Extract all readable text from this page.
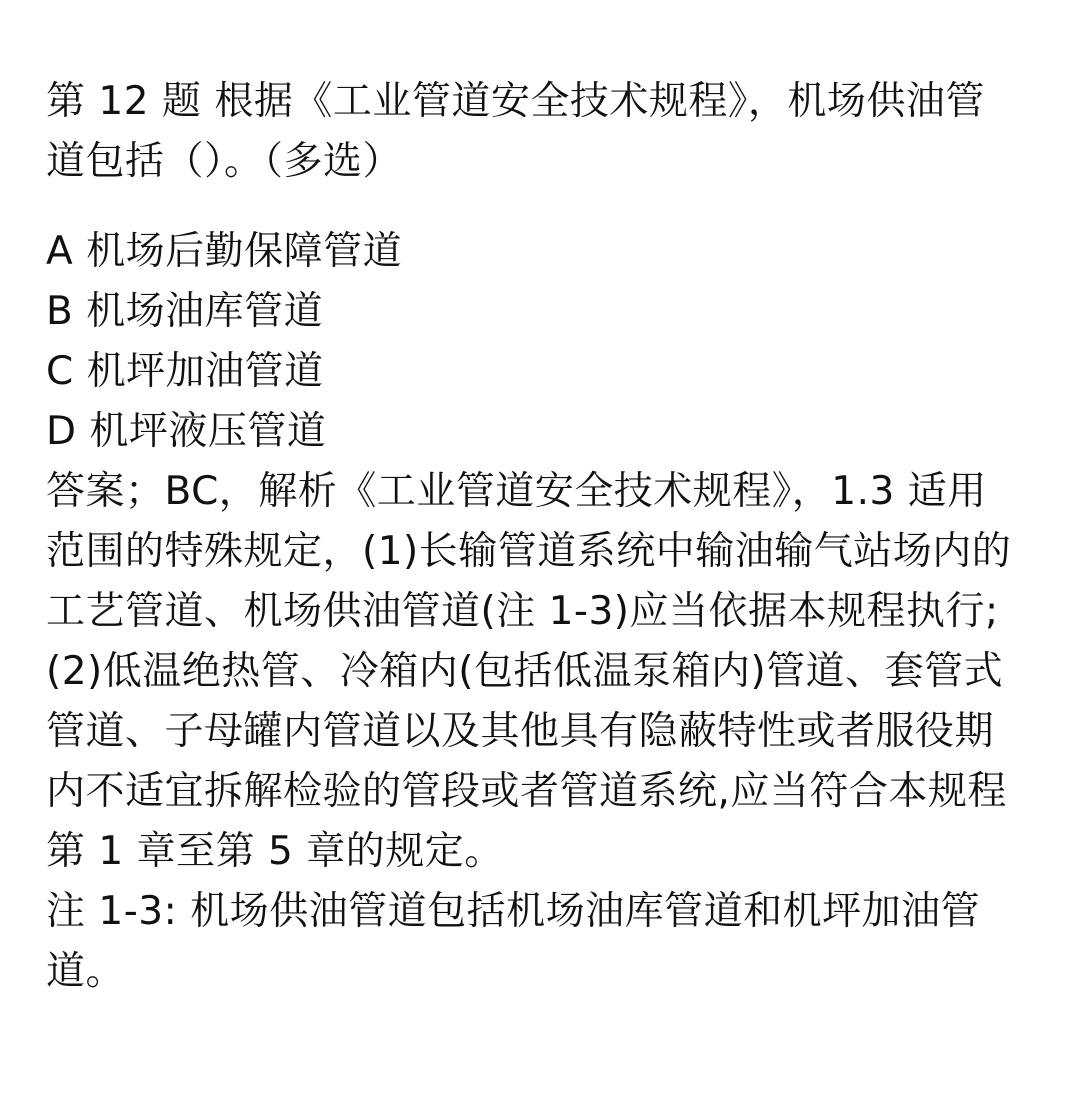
第 12 题 根据《工业管道安全技术规程》，机场供油管
道包括（）。（多选）
A 机场后勤保障管道
B 机场油库管道
C 机坪加油管道
D 机坪液压管道
答案；BC，解析《工业管道安全技术规程》，1.3 适用
范围的特殊规定，(1)长输管道系统中输油输气站场内的
工艺管道、机场供油管道(注 1-3)应当依据本规程执行;
(2)低温绝热管、冷箱内(包括低温泵箱内)管道、套管式
管道、子母罐内管道以及其他具有隐蔽特性或者服役期
内不适宜拆解检验的管段或者管道系统,应当符合本规程
第 1 章至第 5 章的规定。
注 1-3: 机场供油管道包括机场油库管道和机坪加油管
道。
